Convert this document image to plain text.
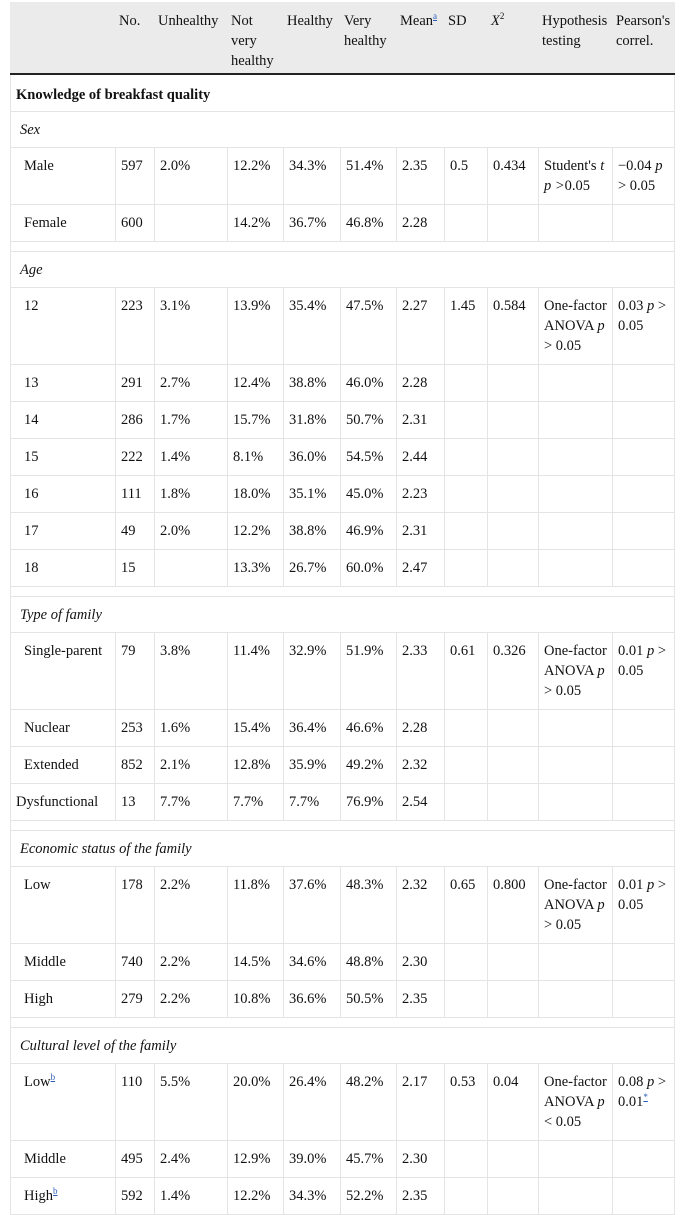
	No.	Unhealthy	Not very healthy	Healthy	Very healthy	Mean$^a$	SD	$X^2$	Hypothesis testing	Pearson's correl.
Knowledge of breakfast quality										
Sex										
Male	597	2.0%	12.2%	34.3%	51.4%	2.35	0.5	0.434	Student's t p >0.05	−0.04 p > 0.05
Female	600		14.2%	36.7%	46.8%	2.28				

Age										
12	223	3.1%	13.9%	35.4%	47.5%	2.27	1.45	0.584	One-factor ANOVA p > 0.05	0.03 p > 0.05
13	291	2.7%	12.4%	38.8%	46.0%	2.28				
14	286	1.7%	15.7%	31.8%	50.7%	2.31				
15	222	1.4%	8.1%	36.0%	54.5%	2.44				
16	111	1.8%	18.0%	35.1%	45.0%	2.23				
17	49	2.0%	12.2%	38.8%	46.9%	2.31				
18	15		13.3%	26.7%	60.0%	2.47				

Type of family										
Single-parent	79	3.8%	11.4%	32.9%	51.9%	2.33	0.61	0.326	One-factor ANOVA p > 0.05	0.01 p > 0.05
Nuclear	253	1.6%	15.4%	36.4%	46.6%	2.28				
Extended	852	2.1%	12.8%	35.9%	49.2%	2.32				
Dysfunctional	13	7.7%	7.7%	7.7%	76.9%	2.54				

Economic status of the family										
Low	178	2.2%	11.8%	37.6%	48.3%	2.32	0.65	0.800	One-factor ANOVA p > 0.05	0.01 p > 0.05
Middle	740	2.2%	14.5%	34.6%	48.8%	2.30				
High	279	2.2%	10.8%	36.6%	50.5%	2.35				

Cultural level of the family										
Low$^b$	110	5.5%	20.0%	26.4%	48.2%	2.17	0.53	0.04	One-factor ANOVA p < 0.05	0.08 p > 0.01*
Middle	495	2.4%	12.9%	39.0%	45.7%	2.30				
High$^b$	592	1.4%	12.2%	34.3%	52.2%	2.35				
